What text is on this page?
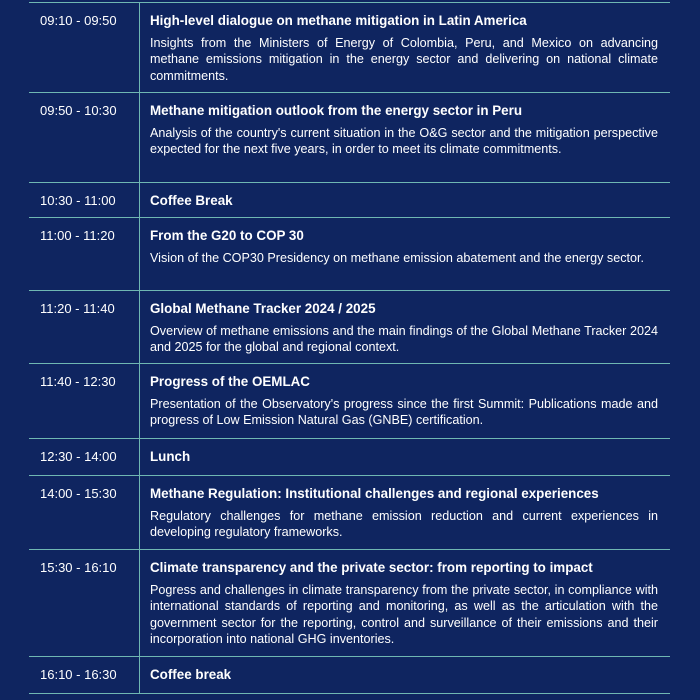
09:10 - 09:50	High-level dialogue on methane mitigation in Latin America
Insights from the Ministers of Energy of Colombia, Peru, and Mexico on advancing methane emissions mitigation in the energy sector and delivering on national climate commitments.
09:50 - 10:30	Methane mitigation outlook from the energy sector in Peru
Analysis of the country's current situation in the O&G sector and the mitigation perspective expected for the next five years, in order to meet its climate commitments.
10:30 - 11:00	Coffee Break
11:00 - 11:20	From the G20 to COP 30
Vision of the COP30 Presidency on methane emission abatement and the energy sector.
11:20 - 11:40	Global Methane Tracker 2024 / 2025
Overview of methane emissions and the main findings of the Global Methane Tracker 2024 and 2025 for the global and regional context.
11:40 - 12:30	Progress of the OEMLAC
Presentation of the Observatory's progress since the first Summit: Publications made and progress of Low Emission Natural Gas (GNBE) certification.
12:30 - 14:00	Lunch
14:00 - 15:30	Methane Regulation: Institutional challenges and regional experiences
Regulatory challenges for methane emission reduction and current experiences in developing regulatory frameworks.
15:30 - 16:10	Climate transparency and the private sector: from reporting to impact
Pogress and challenges in climate transparency from the private sector, in compliance with international standards of reporting and monitoring, as well as the articulation with the government sector for the reporting, control and surveillance of their emissions and their incorporation into national GHG inventories.
16:10 - 16:30	Coffee break
